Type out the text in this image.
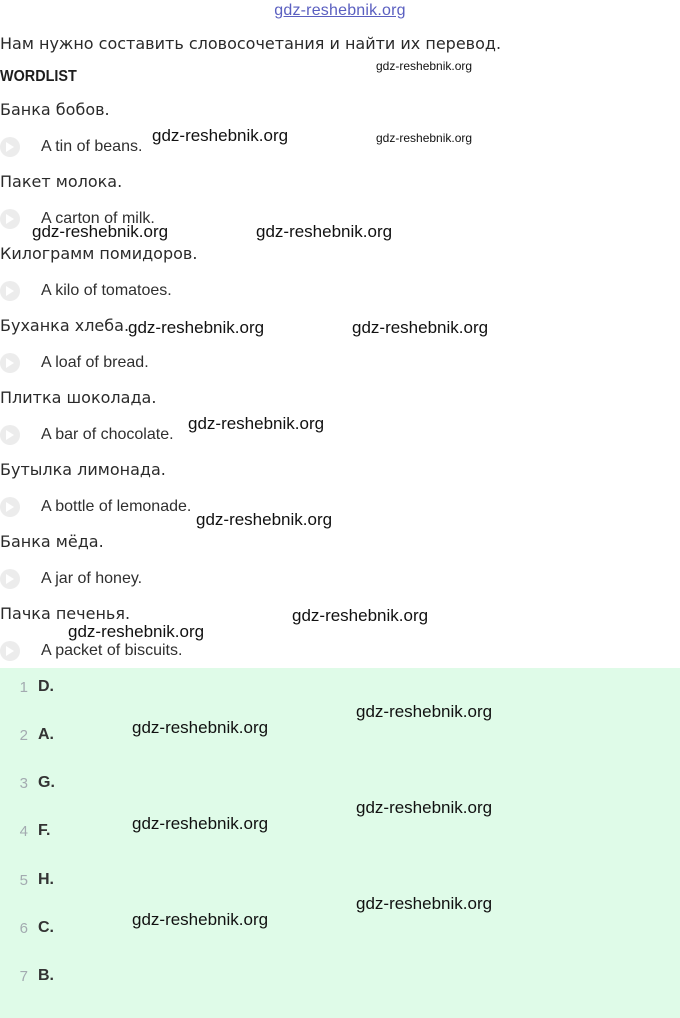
gdz-reshebnik.org
Нам нужно составить словосочетания и найти их перевод.
WORDLIST
Банка бобов.
A tin of beans.
Пакет молока.
A carton of milk.
Килограмм помидоров.
A kilo of tomatoes.
Буханка хлеба.
A loaf of bread.
Плитка шоколада.
A bar of chocolate.
Бутылка лимонада.
A bottle of lemonade.
Банка мёда.
A jar of honey.
Пачка печенья.
A packet of biscuits.
1 D.
2 A.
3 G.
4 F.
5 H.
6 C.
7 B.
gdz-reshebnik.org
gdz-reshebnik.org	gdz-reshebnik.org
gdz-reshebnik.org	gdz-reshebnik.org
gdz-reshebnik.org	gdz-reshebnik.org
gdz-reshebnik.org
gdz-reshebnik.org
gdz-reshebnik.org
gdz-reshebnik.org
gdz-reshebnik.org
gdz-reshebnik.org
gdz-reshebnik.org
gdz-reshebnik.org
gdz-reshebnik.org
gdz-reshebnik.org
